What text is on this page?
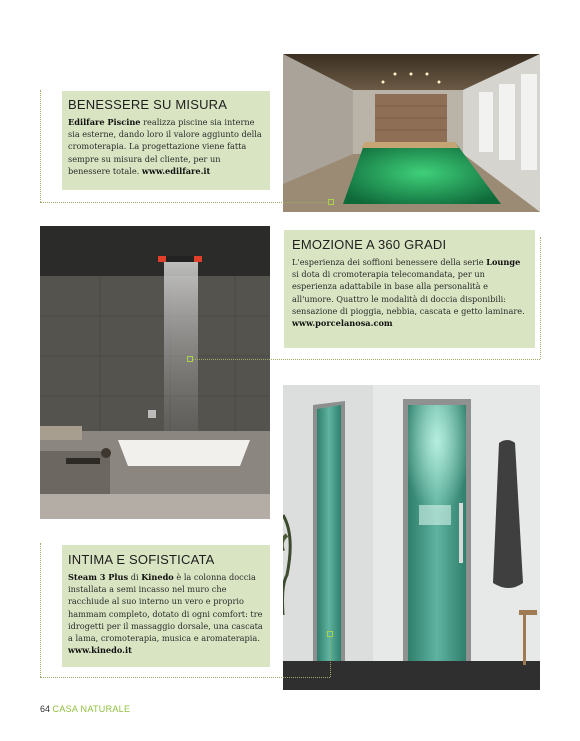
BENESSERE SU MISURA
Edilfare Piscine realizza piscine sia interne sia esterne, dando loro il valore aggiunto della cromoterapia. La progettazione viene fatta sempre su misura del cliente, per un benessere totale. www.edilfare.it
EMOZIONE A 360 GRADI
L'esperienza dei soffioni benessere della serie Lounge si dota di cromoterapia telecomandata, per un esperienza adattabile in base alla personalità e all'umore. Quattro le modalità di doccia disponibili: sensazione di pioggia, nebbia, cascata e getto laminare. www.porcelanosa.com
INTIMA E SOFISTICATA
Steam 3 Plus di Kinedo è la colonna doccia installata a semi incasso nel muro che racchiude al suo interno un vero e proprio hammam completo, dotato di ogni comfort: tre idrogetti per il massaggio dorsale, una cascata a lama, cromoterapia, musica e aromaterapia. www.kinedo.it
64 CASA NATURALE
